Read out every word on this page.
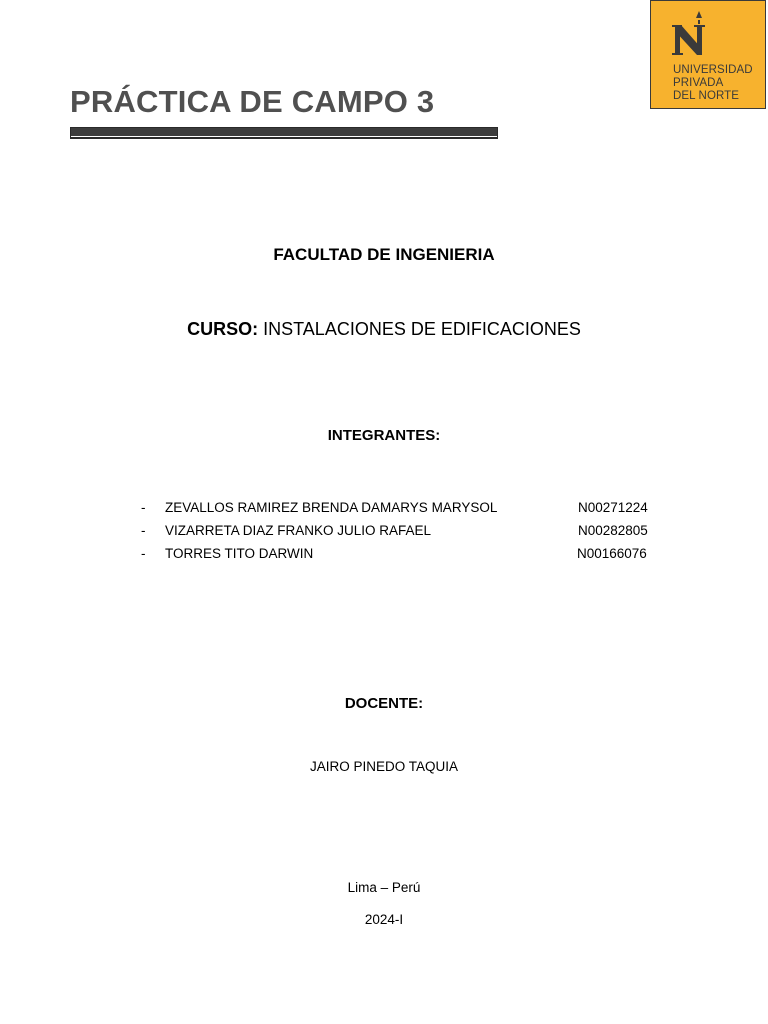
UNIVERSIDAD
PRIVADA
DEL NORTE
PRÁCTICA DE CAMPO 3
FACULTAD DE INGENIERIA
CURSO: INSTALACIONES DE EDIFICACIONES
INTEGRANTES:
- ZEVALLOS RAMIREZ BRENDA DAMARYS MARYSOL	N00271224
- VIZARRETA DIAZ FRANKO JULIO RAFAEL	N00282805
- TORRES TITO DARWIN	N00166076
DOCENTE:
JAIRO PINEDO TAQUIA
Lima – Perú
2024-I
